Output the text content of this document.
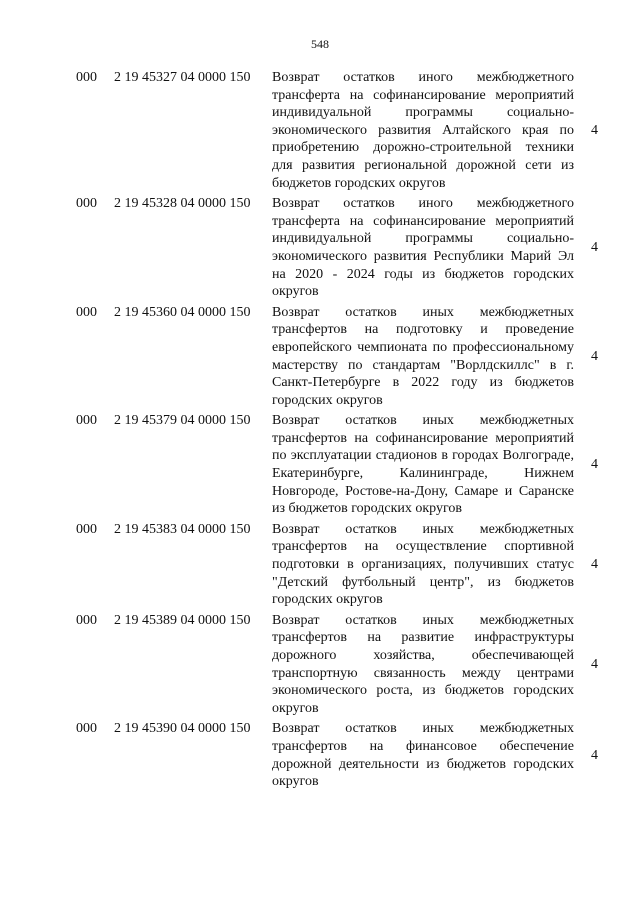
548
000 2 19 45327 04 0000 150 Возврат остатков иного межбюджетного трансферта на софинансирование мероприятий индивидуальной программы социально-экономического развития Алтайского края по приобретению дорожно-строительной техники для развития региональной дорожной сети из бюджетов городских округов
4
000 2 19 45328 04 0000 150 Возврат остатков иного межбюджетного трансферта на софинансирование мероприятий индивидуальной программы социально-экономического развития Республики Марий Эл на 2020 - 2024 годы из бюджетов городских округов
4
000 2 19 45360 04 0000 150 Возврат остатков иных межбюджетных трансфертов на подготовку и проведение европейского чемпионата по профессиональному мастерству по стандартам "Ворлдскиллс" в г. Санкт-Петербурге в 2022 году из бюджетов городских округов
4
000 2 19 45379 04 0000 150 Возврат остатков иных межбюджетных трансфертов на софинансирование мероприятий по эксплуатации стадионов в городах Волгограде, Екатеринбурге, Калининграде, Нижнем Новгороде, Ростове-на-Дону, Самаре и Саранске из бюджетов городских округов
4
000 2 19 45383 04 0000 150 Возврат остатков иных межбюджетных трансфертов на осуществление спортивной подготовки в организациях, получивших статус "Детский футбольный центр", из бюджетов городских округов
4
000 2 19 45389 04 0000 150 Возврат остатков иных межбюджетных трансфертов на развитие инфраструктуры дорожного хозяйства, обеспечивающей транспортную связанность между центрами экономического роста, из бюджетов городских округов
4
000 2 19 45390 04 0000 150 Возврат остатков иных межбюджетных трансфертов на финансовое обеспечение дорожной деятельности из бюджетов городских округов
4
